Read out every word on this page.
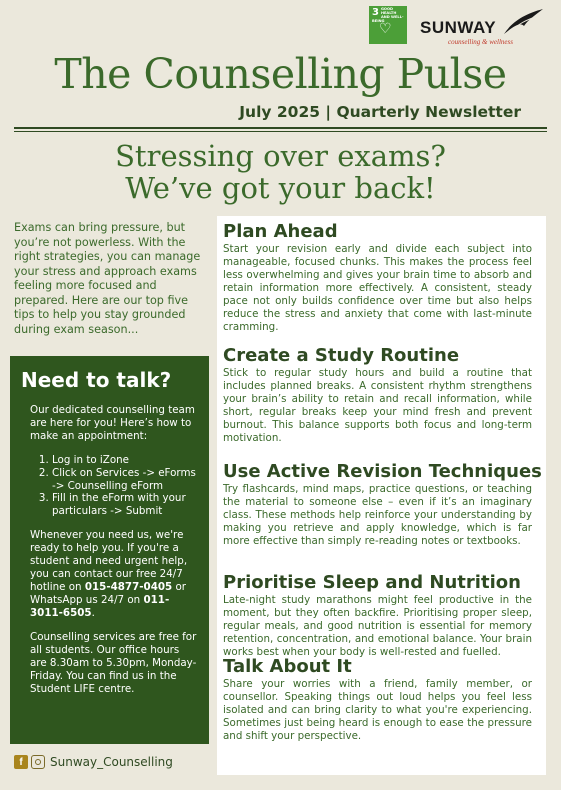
3 GOOD HEALTH AND WELL-BEING
♡ SUNWAY
counselling & wellness
The Counselling Pulse
July 2025 | Quarterly Newsletter
Stressing over exams?
We’ve got your back!
Exams can bring pressure, but you’re not powerless. With the right strategies, you can manage your stress and approach exams feeling more focused and prepared. Here are our top five tips to help you stay grounded during exam season...
Need to talk?

Our dedicated counselling team are here for you! Here’s how to make an appointment:

1. Log in to iZone
2. Click on Services -> eForms -> Counselling eForm
3. Fill in the eForm with your particulars -> Submit

Whenever you need us, we're ready to help you. If you're a student and need urgent help, you can contact our free 24/7 hotline on 015-4877-0405 or WhatsApp us 24/7 on 011-3011-6505.

Counselling services are free for all students. Our office hours are 8.30am to 5.30pm, Monday-Friday. You can find us in the Student LIFE centre.

f	Sunway_Counselling
Plan Ahead

Start your revision early and divide each subject into manageable, focused chunks. This makes the process feel less overwhelming and gives your brain time to absorb and retain information more effectively. A consistent, steady pace not only builds confidence over time but also helps reduce the stress and anxiety that come with last-minute cramming.

Create a Study Routine

Stick to regular study hours and build a routine that includes planned breaks. A consistent rhythm strengthens your brain’s ability to retain and recall information, while short, regular breaks keep your mind fresh and prevent burnout. This balance supports both focus and long-term motivation.

Use Active Revision Techniques

Try flashcards, mind maps, practice questions, or teaching the material to someone else – even if it’s an imaginary class. These methods help reinforce your understanding by making you retrieve and apply knowledge, which is far more effective than simply re-reading notes or textbooks.

Prioritise Sleep and Nutrition

Late-night study marathons might feel productive in the moment, but they often backfire. Prioritising proper sleep, regular meals, and good nutrition is essential for memory retention, concentration, and emotional balance. Your brain works best when your body is well-rested and fuelled.

Talk About It

Share your worries with a friend, family member, or counsellor. Speaking things out loud helps you feel less isolated and can bring clarity to what you're experiencing. Sometimes just being heard is enough to ease the pressure and shift your perspective.
